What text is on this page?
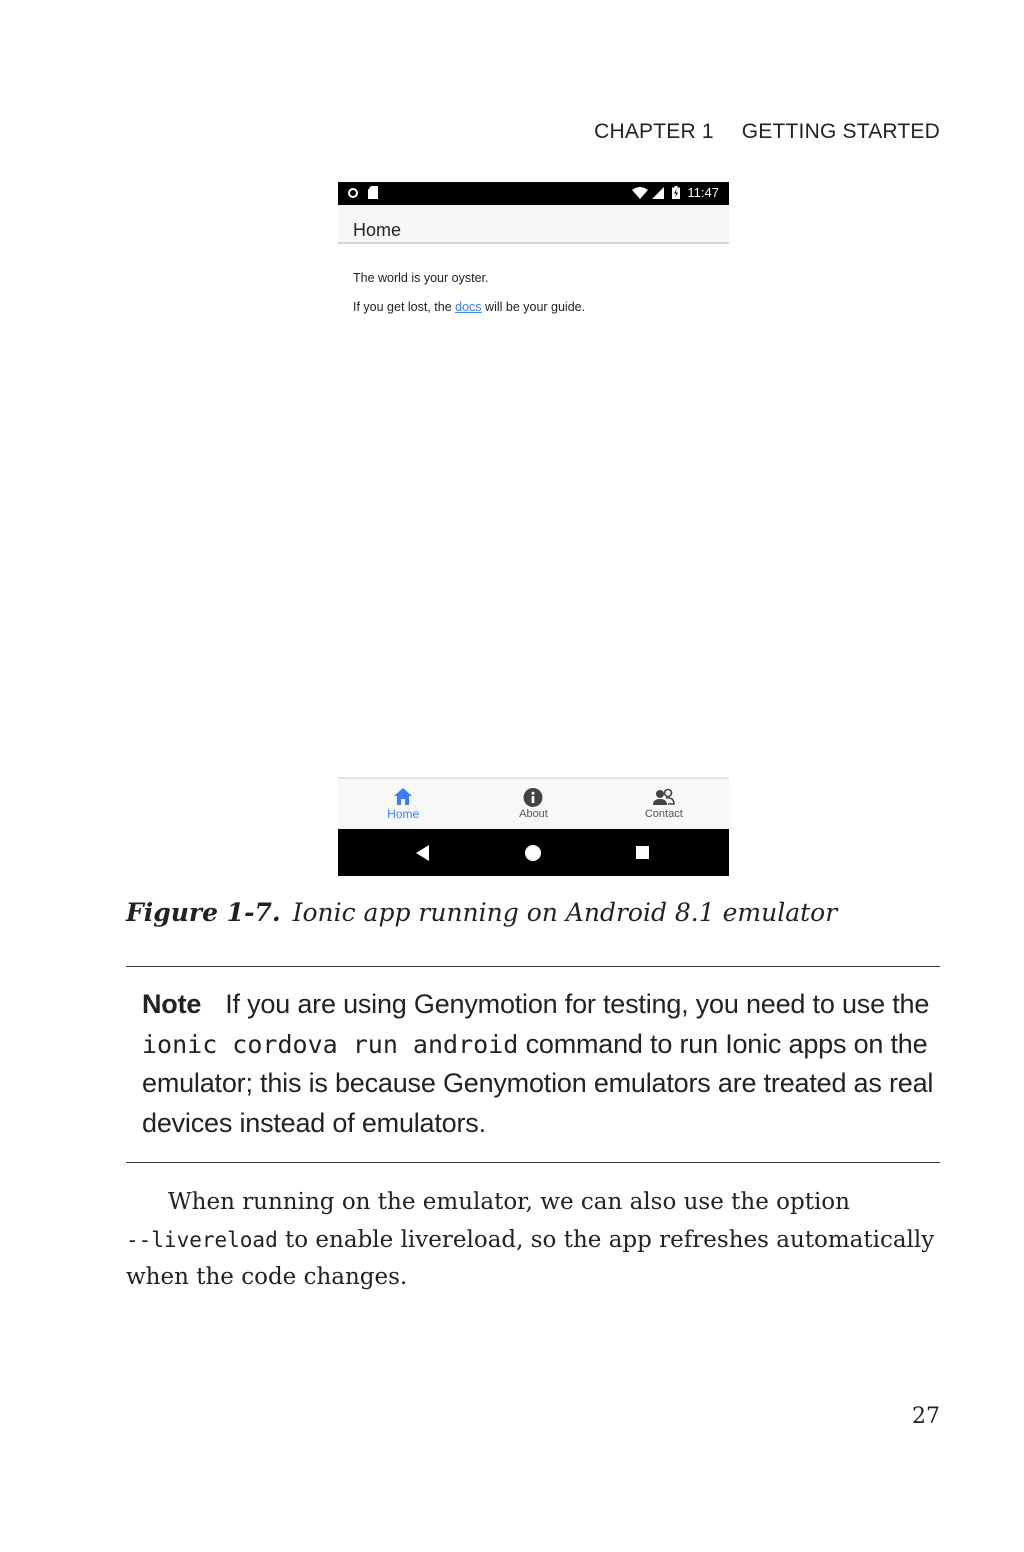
CHAPTER 1 GETTING STARTED
11:47
Home

The world is your oyster.

If you get lost, the docs will be your guide.

Home	About	Contact
Figure 1-7. Ionic app running on Android 8.1 emulator
Note If you are using Genymotion for testing, you need to use the
ionic cordova run android command to run Ionic apps on the emulator; this is because Genymotion emulators are treated as real devices instead of emulators.
When running on the emulator, we can also use the option
--livereload to enable livereload, so the app refreshes automatically when the code changes.
27
